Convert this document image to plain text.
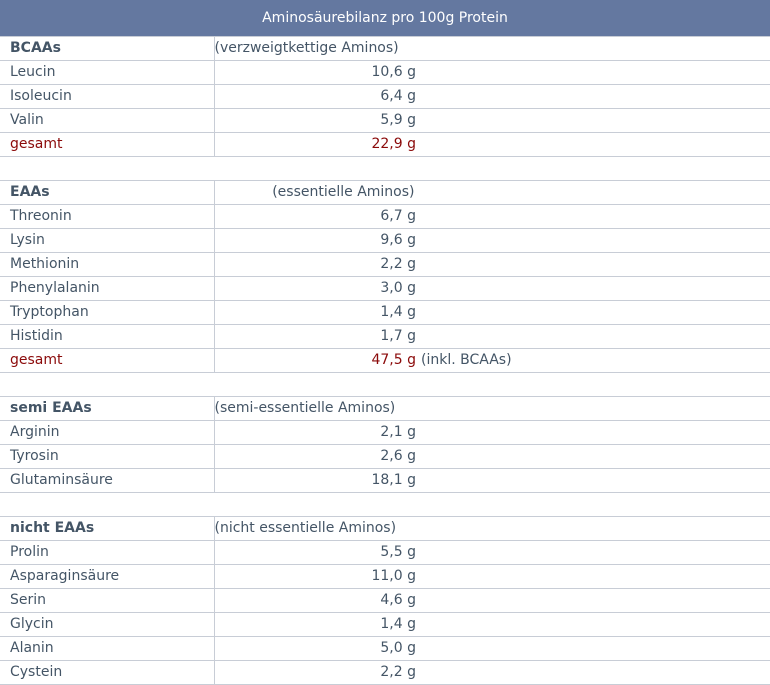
Aminosäurebilanz pro 100g Protein		
BCAAs	(verzweigtkettige Aminos)	

Leucin	10,6 g	
Isoleucin	6,4 g	
Valin	5,9 g	
gesamt	22,9 g	

EAAs	(essentielle Aminos)	

Threonin	6,7 g	
Lysin	9,6 g	
Methionin	2,2 g	
Phenylalanin	3,0 g	
Tryptophan	1,4 g	
Histidin	1,7 g	
gesamt	47,5 g	(inkl. BCAAs)

semi EAAs	(semi-essentielle Aminos)	

Arginin	2,1 g	
Tyrosin	2,6 g	
Glutaminsäure	18,1 g	

nicht EAAs	(nicht essentielle Aminos)	

Prolin	5,5 g	
Asparaginsäure	11,0 g	
Serin	4,6 g	
Glycin	1,4 g	
Alanin	5,0 g	
Cystein	2,2 g	
